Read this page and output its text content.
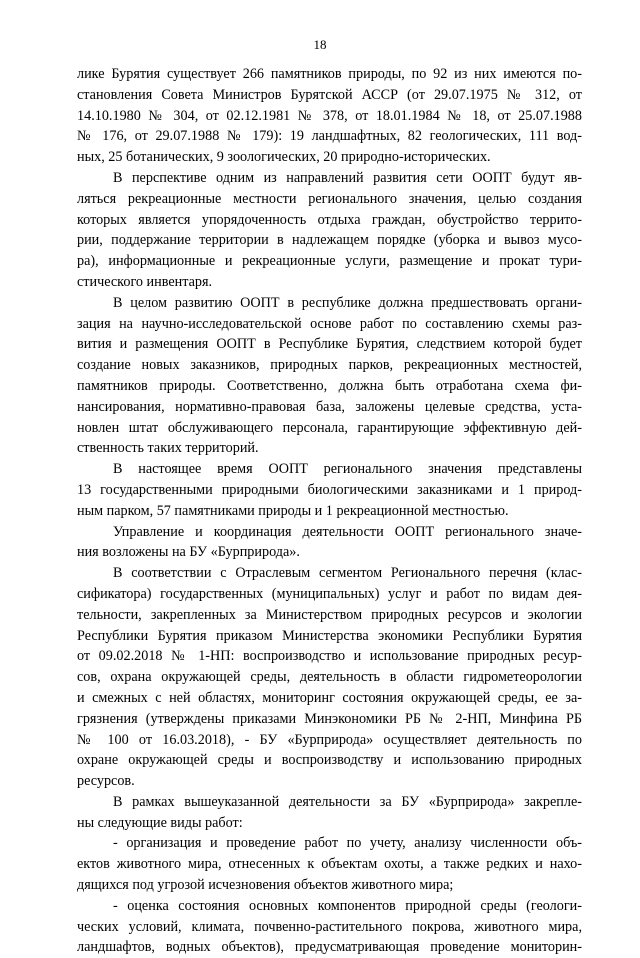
18
лике Бурятия существует 266 памятников природы, по 92 из них имеются по-
становления Совета Министров Бурятской АССР (от 29.07.1975 № 312, от
14.10.1980 № 304, от 02.12.1981 № 378, от 18.01.1984 № 18, от 25.07.1988
№ 176, от 29.07.1988 № 179): 19 ландшафтных, 82 геологических, 111 вод-
ных, 25 ботанических, 9 зоологических, 20 природно-исторических.
В перспективе одним из направлений развития сети ООПТ будут яв-
ляться рекреационные местности регионального значения, целью создания
которых является упорядоченность отдыха граждан, обустройство террито-
рии, поддержание территории в надлежащем порядке (уборка и вывоз мусо-
ра), информационные и рекреационные услуги, размещение и прокат тури-
стического инвентаря.
В целом развитию ООПТ в республике должна предшествовать органи-
зация на научно-исследовательской основе работ по составлению схемы раз-
вития и размещения ООПТ в Республике Бурятия, следствием которой будет
создание новых заказников, природных парков, рекреационных местностей,
памятников природы. Соответственно, должна быть отработана схема фи-
нансирования, нормативно-правовая база, заложены целевые средства, уста-
новлен штат обслуживающего персонала, гарантирующие эффективную дей-
ственность таких территорий.
В настоящее время ООПТ регионального значения представлены
13 государственными природными биологическими заказниками и 1 природ-
ным парком, 57 памятниками природы и 1 рекреационной местностью.
Управление и координация деятельности ООПТ регионального значе-
ния возложены на БУ «Бурприрода».
В соответствии с Отраслевым сегментом Регионального перечня (клас-
сификатора) государственных (муниципальных) услуг и работ по видам дея-
тельности, закрепленных за Министерством природных ресурсов и экологии
Республики Бурятия приказом Министерства экономики Республики Бурятия
от 09.02.2018 № 1-НП: воспроизводство и использование природных ресур-
сов, охрана окружающей среды, деятельность в области гидрометеорологии
и смежных с ней областях, мониторинг состояния окружающей среды, ее за-
грязнения (утверждены приказами Минэкономики РБ № 2-НП, Минфина РБ
№ 100 от 16.03.2018), - БУ «Бурприрода» осуществляет деятельность по
охране окружающей среды и воспроизводству и использованию природных
ресурсов.
В рамках вышеуказанной деятельности за БУ «Бурприрода» закрепле-
ны следующие виды работ:
- организация и проведение работ по учету, анализу численности объ-
ектов животного мира, отнесенных к объектам охоты, а также редких и нахо-
дящихся под угрозой исчезновения объектов животного мира;
- оценка состояния основных компонентов природной среды (геологи-
ческих условий, климата, почвенно-растительного покрова, животного мира,
ландшафтов, водных объектов), предусматривающая проведение мониторин-
